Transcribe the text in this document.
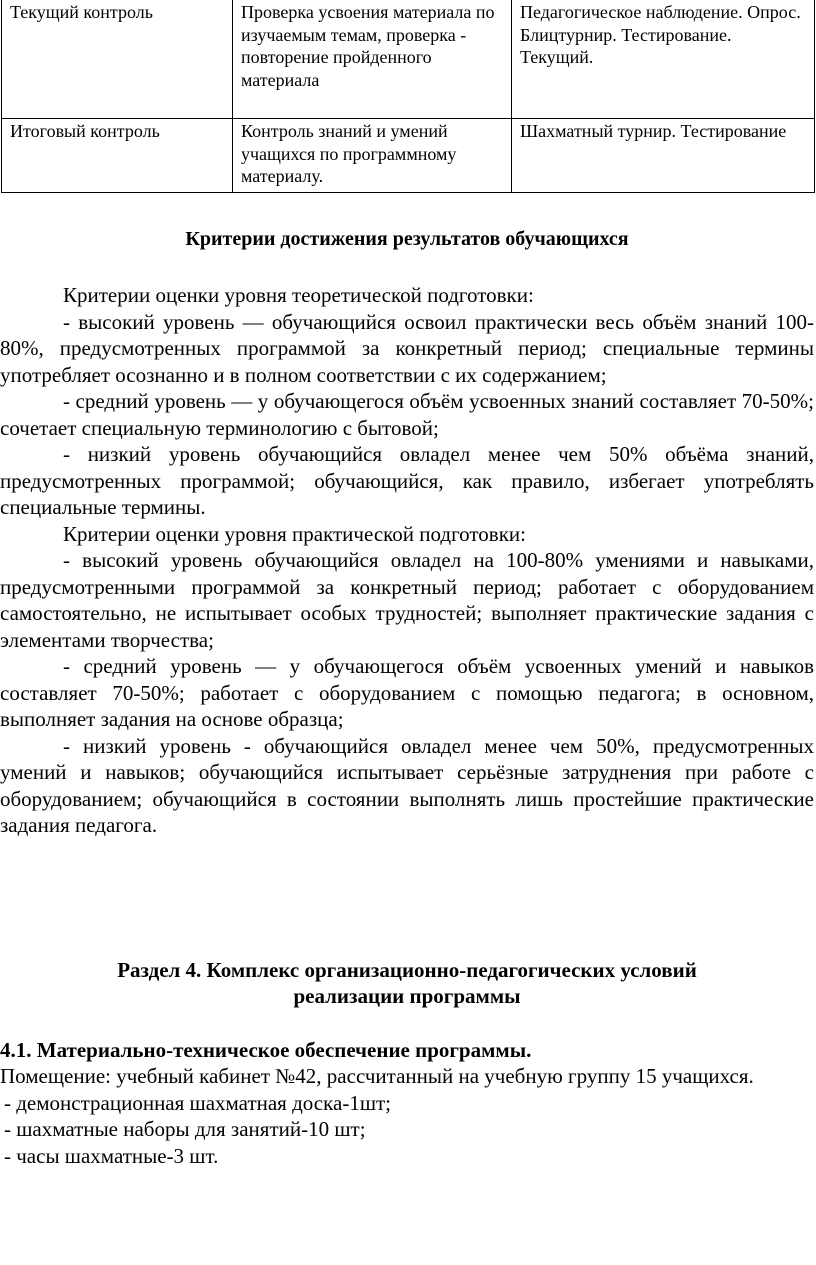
Текущий контроль	Проверка усвоения материала по изучаемым темам, проверка - повторение пройденного материала	Педагогическое наблюдение. Опрос. Блицтурнир. Тестирование. Текущий.
Итоговый контроль	Контроль знаний и умений учащихся по программному материалу.	Шахматный турнир. Тестирование

Критерии достижения результатов обучающихся

Критерии оценки уровня теоретической подготовки:

- высокий уровень — обучающийся освоил практически весь объём знаний 100-80%, предусмотренных программой за конкретный период; специальные термины употребляет осознанно и в полном соответствии с их содержанием;

- средний уровень — у обучающегося объём усвоенных знаний составляет 70-50%; сочетает специальную терминологию с бытовой;

- низкий уровень обучающийся овладел менее чем 50% объёма знаний, предусмотренных программой; обучающийся, как правило, избегает употреблять специальные термины.

Критерии оценки уровня практической подготовки:

- высокий уровень обучающийся овладел на 100-80% умениями и навыками, предусмотренными программой за конкретный период; работает с оборудованием самостоятельно, не испытывает особых трудностей; выполняет практические задания с элементами творчества;

- средний уровень — у обучающегося объём усвоенных умений и навыков составляет 70-50%; работает с оборудованием с помощью педагога; в основном, выполняет задания на основе образца;

- низкий уровень - обучающийся овладел менее чем 50%, предусмотренных умений и навыков; обучающийся испытывает серьёзные затруднения при работе с оборудованием; обучающийся в состоянии выполнять лишь простейшие практические задания педагога.

Раздел 4. Комплекс организационно-педагогических условий

реализации программы

4.1. Материально-техническое обеспечение программы.

Помещение: учебный кабинет №42, рассчитанный на учебную группу 15 учащихся.

- демонстрационная шахматная доска-1шт;

- шахматные наборы для занятий-10 шт;

- часы шахматные-3 шт.
